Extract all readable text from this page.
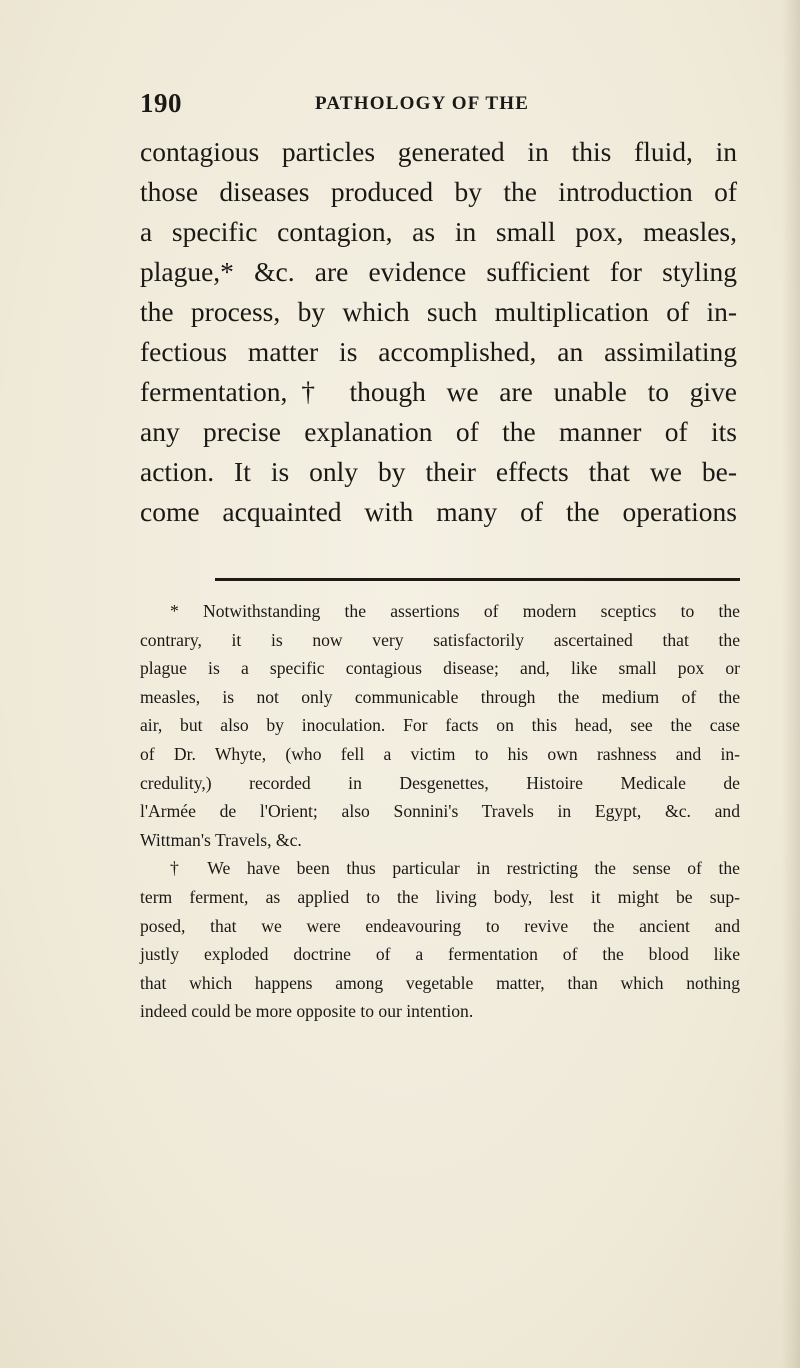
190	PATHOLOGY OF THE
contagious particles generated in this fluid, in
those diseases produced by the introduction of
a specific contagion, as in small pox, measles,
plague,* &c. are evidence sufficient for styling
the process, by which such multiplication of in-
fectious matter is accomplished, an assimilating
fermentation,† though we are unable to give
any precise explanation of the manner of its
action. It is only by their effects that we be-
come acquainted with many of the operations
* Notwithstanding the assertions of modern sceptics to the
contrary, it is now very satisfactorily ascertained that the
plague is a specific contagious disease; and, like small pox or
measles, is not only communicable through the medium of the
air, but also by inoculation. For facts on this head, see the case
of Dr. Whyte, (who fell a victim to his own rashness and in-
credulity,) recorded in Desgenettes, Histoire Medicale de
l'Armée de l'Orient; also Sonnini's Travels in Egypt, &c. and
Wittman's Travels, &c.
† We have been thus particular in restricting the sense of the
term ferment, as applied to the living body, lest it might be sup-
posed, that we were endeavouring to revive the ancient and
justly exploded doctrine of a fermentation of the blood like
that which happens among vegetable matter, than which nothing
indeed could be more opposite to our intention.
